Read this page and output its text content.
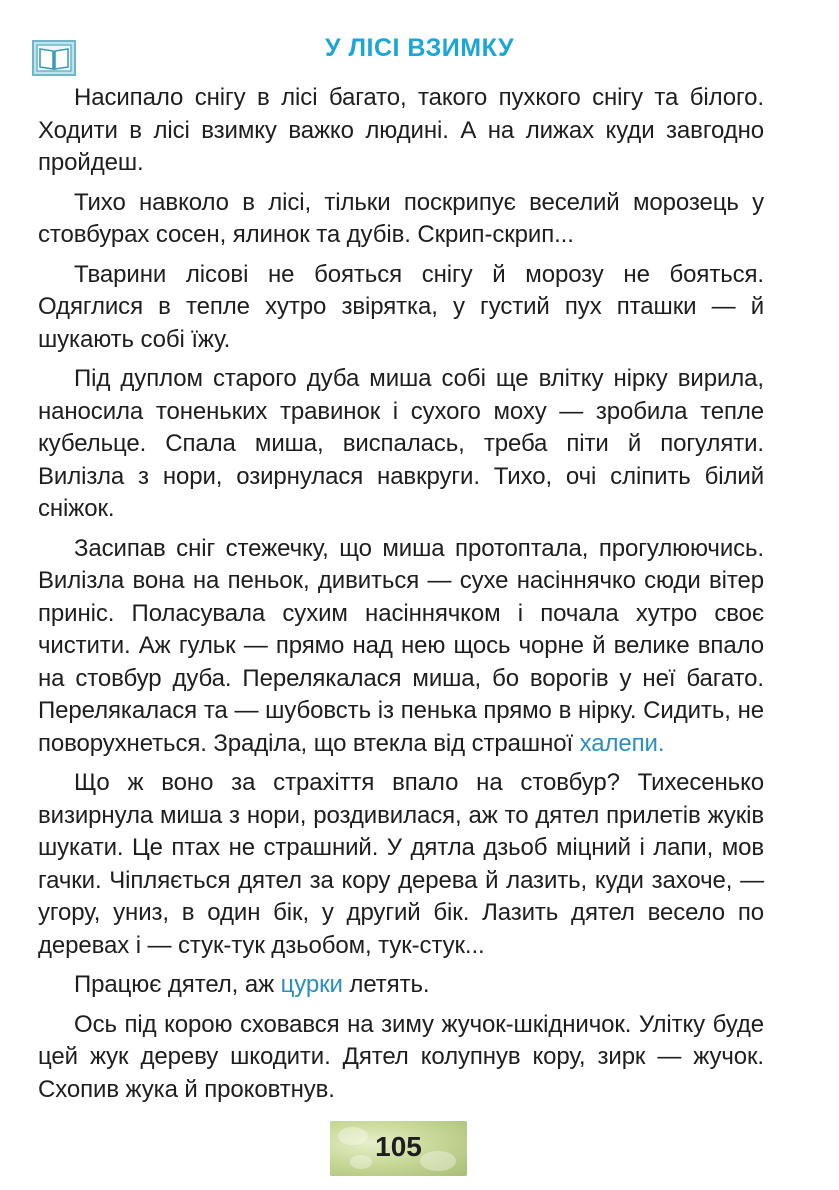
У ЛІСІ ВЗИМКУ

Насипало снігу в лісі багато, такого пухкого снігу та білого. Ходити в лісі взимку важко людині. А на лижах куди завгодно пройдеш.

Тихо навколо в лісі, тільки поскрипує веселий морозець у стовбурах сосен, ялинок та дубів. Скрип-скрип...

Тварини лісові не бояться снігу й морозу не бояться. Одяглися в тепле хутро звірятка, у густий пух пташки — й шукають собі їжу.

Під дуплом старого дуба миша собі ще влітку нірку вирила, наносила тоненьких травинок і сухого моху — зробила тепле кубельце. Спала миша, виспалась, треба піти й погуляти. Вилізла з нори, озирнулася навкруги. Тихо, очі сліпить білий сніжок.

Засипав сніг стежечку, що миша протоптала, прогулюючись. Вилізла вона на пеньок, дивиться — сухе насіннячко сюди вітер приніс. Поласувала сухим насіннячком і почала хутро своє чистити. Аж гульк — прямо над нею щось чорне й велике впало на стовбур дуба. Перелякалася миша, бо ворогів у неї багато. Перелякалася та — шубовсть із пенька прямо в нірку. Сидить, не поворухнеться. Зраділа, що втекла від страшної халепи.

Що ж воно за страхіття впало на стовбур? Тихесенько визирнула миша з нори, роздивилася, аж то дятел прилетів жуків шукати. Це птах не страшний. У дятла дзьоб міцний і лапи, мов гачки. Чіпляється дятел за кору дерева й лазить, куди захоче, — угору, униз, в один бік, у другий бік. Лазить дятел весело по деревах і — стук-тук дзьобом, тук-стук...

Працює дятел, аж цурки летять.

Ось під корою сховався на зиму жучок-шкідничок. Улітку буде цей жук дереву шкодити. Дятел колупнув кору, зирк — жучок. Схопив жука й проковтнув.

105
